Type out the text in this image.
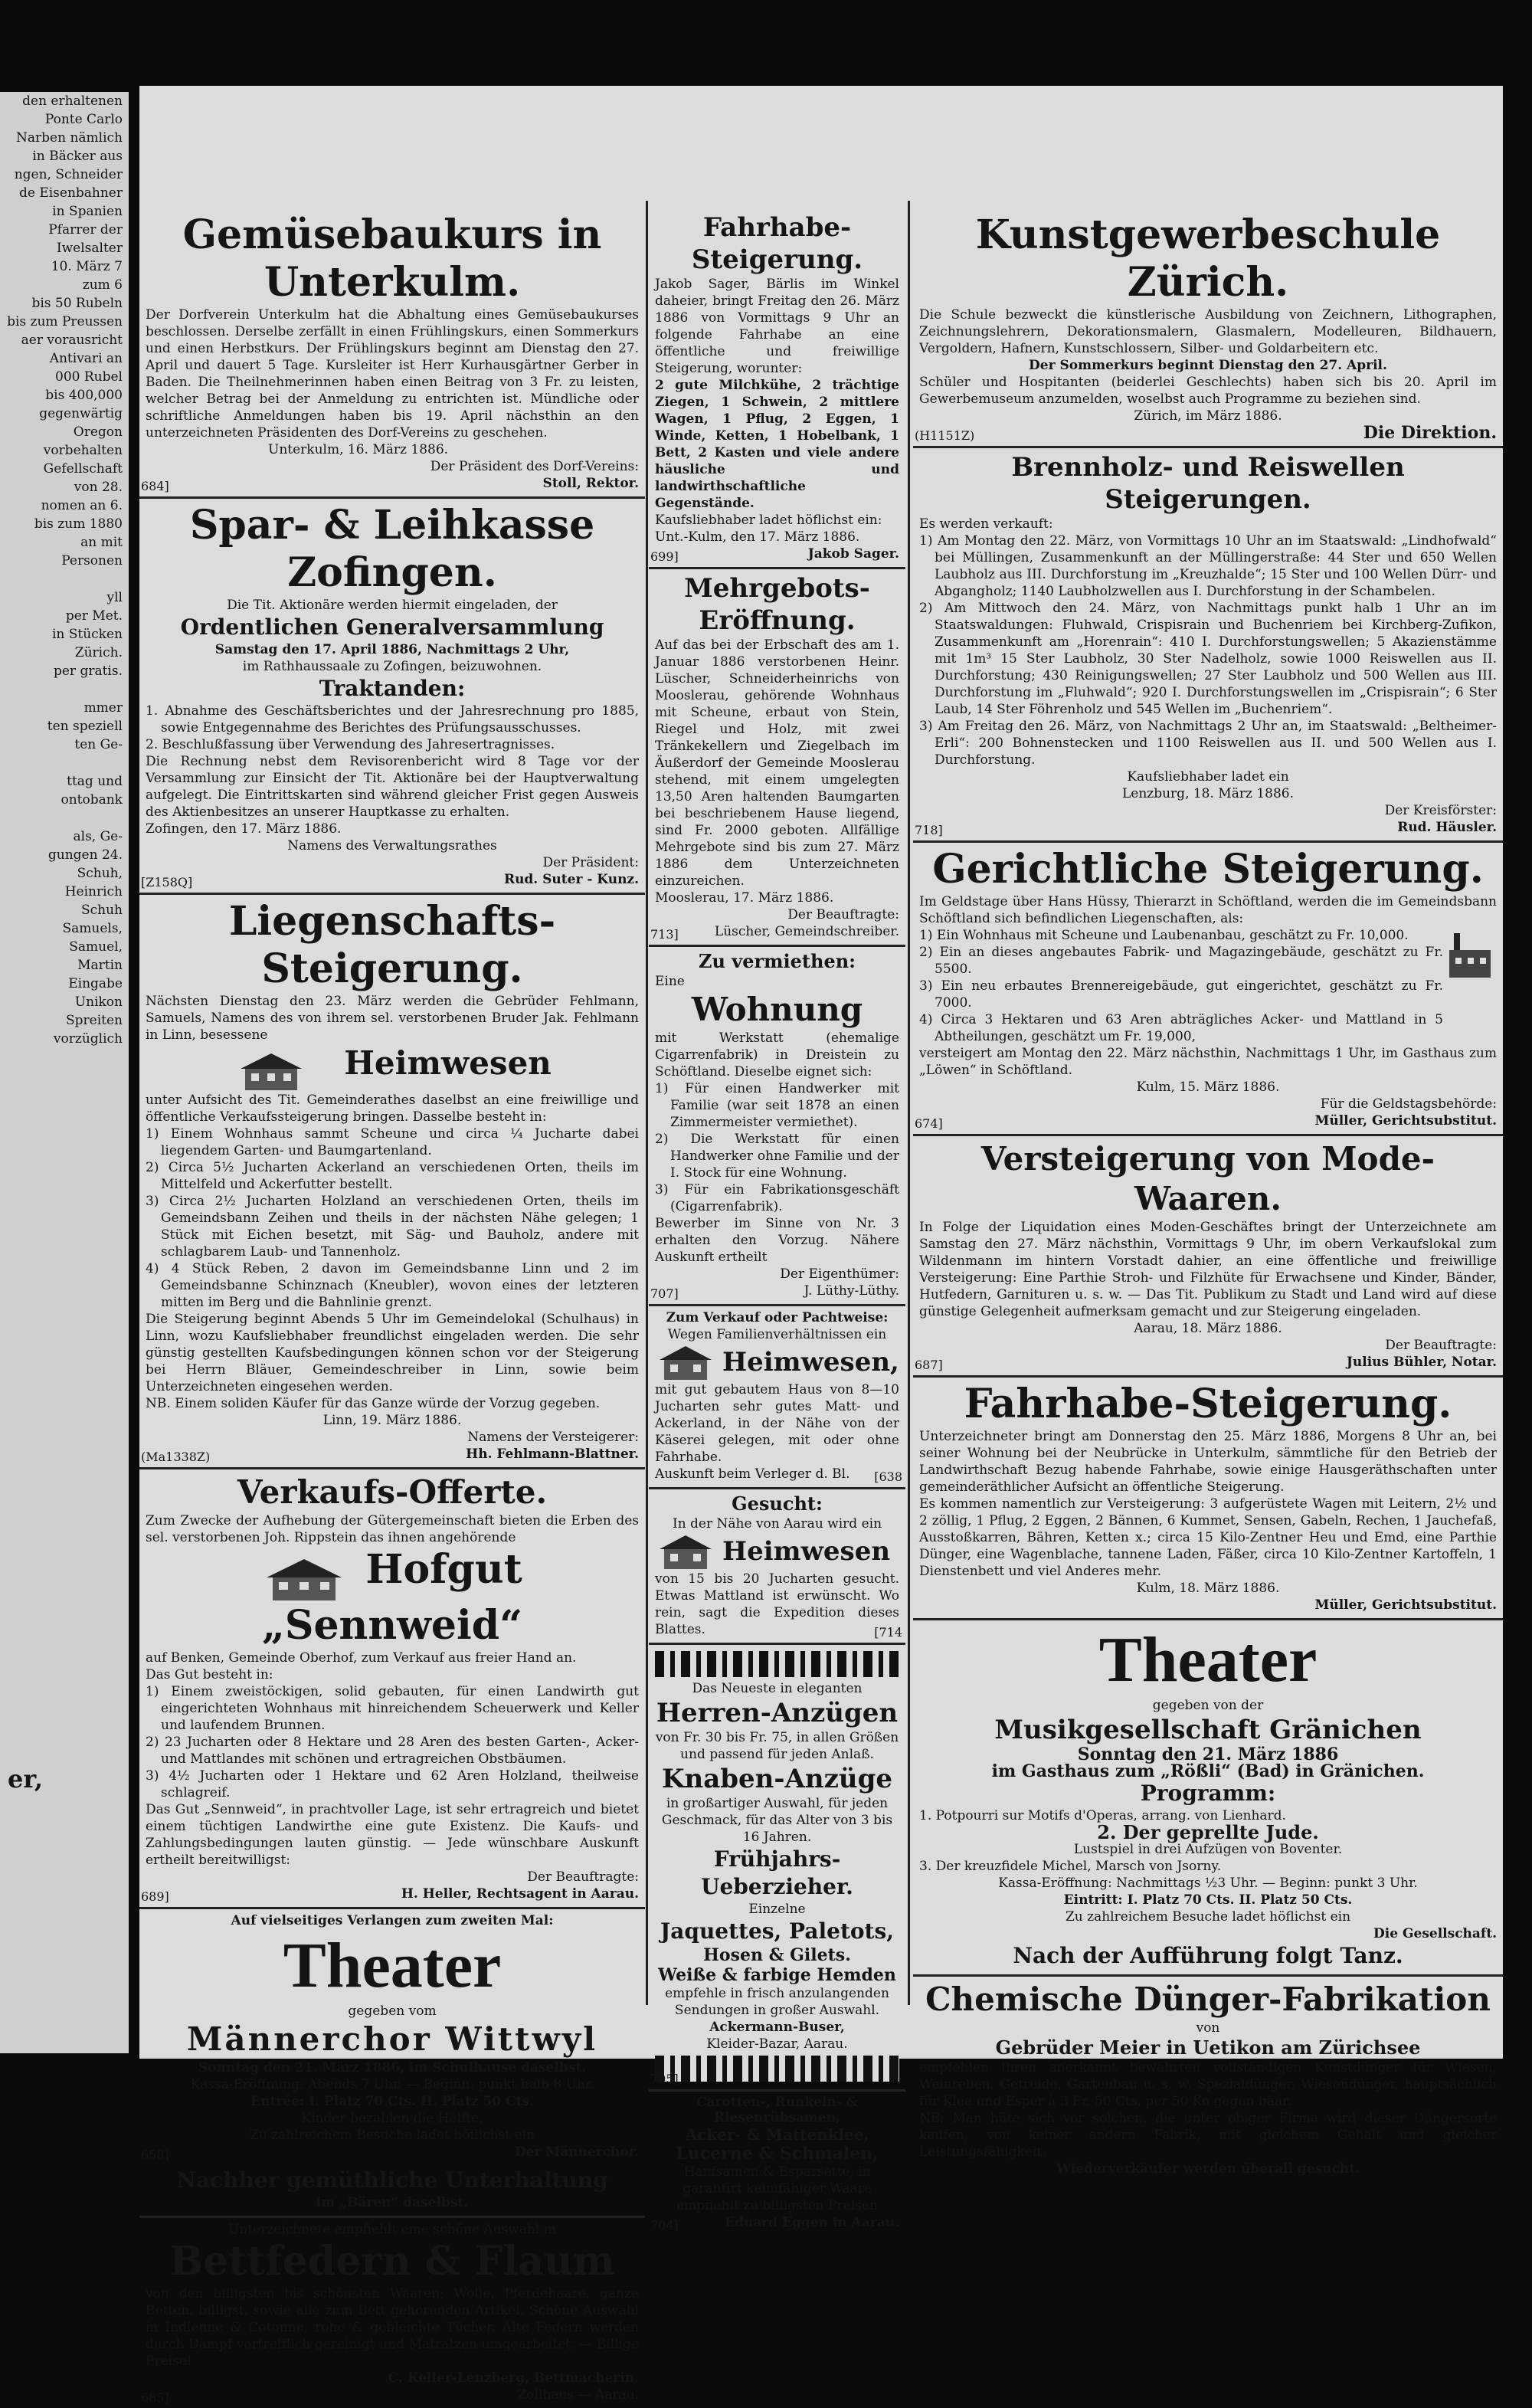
den erhaltenen
Ponte Carlo
Narben nämlich
in Bäcker aus
ngen, Schneider
de Eisenbahner
in Spanien
Pfarrer der
Iwelsalter
10. März 7
zum 6
bis 50 Rubeln
bis zum Preussen
aer vorausricht
Antivari an
000 Rubel
bis 400,000
gegenwärtig
Oregon
vorbehalten
Gefellschaft
von 28.
nomen an 6.
bis zum 1880
an mit
Personen

yll
per Met.
in Stücken
Zürich.
per gratis.

mmer
ten speziell
ten Ge-

ttag und
ontobank

als, Ge-
gungen 24.
Schuh,
Heinrich
Schuh
Samuels,
Samuel,
Martin
Eingabe
Unikon
Spreiten
vorzüglich
er,
Gemüsebaukurs in Unterkulm.
Der Dorfverein Unterkulm hat die Abhaltung eines Gemüsebaukurses beschlossen. Derselbe zerfällt in einen Frühlingskurs, einen Sommerkurs und einen Herbstkurs. Der Frühlingskurs beginnt am Dienstag den 27. April und dauert 5 Tage. Kursleiter ist Herr Kurhausgärtner Gerber in Baden. Die Theilnehmerinnen haben einen Beitrag von 3 Fr. zu leisten, welcher Betrag bei der Anmeldung zu entrichten ist. Mündliche oder schriftliche Anmeldungen haben bis 19. April nächsthin an den unterzeichneten Präsidenten des Dorf-Vereins zu geschehen.
Unterkulm, 16. März 1886.
Der Präsident des Dorf-Vereins:
Stoll, Rektor.
684]
Spar- & Leihkasse Zofingen.
Die Tit. Aktionäre werden hiermit eingeladen, der
Ordentlichen Generalversammlung
Samstag den 17. April 1886, Nachmittags 2 Uhr,
im Rathhaussaale zu Zofingen, beizuwohnen.
Traktanden:
1. Abnahme des Geschäftsberichtes und der Jahresrechnung pro 1885, sowie Entgegennahme des Berichtes des Prüfungsausschusses.
2. Beschlußfassung über Verwendung des Jahresertragnisses.
Die Rechnung nebst dem Revisorenbericht wird 8 Tage vor der Versammlung zur Einsicht der Tit. Aktionäre bei der Hauptverwaltung aufgelegt. Die Eintrittskarten sind während gleicher Frist gegen Ausweis des Aktienbesitzes an unserer Hauptkasse zu erhalten.
Zofingen, den 17. März 1886.
Namens des Verwaltungsrathes
Der Präsident:
Rud. Suter - Kunz.
[Z158Q]
Liegenschafts-Steigerung.
Nächsten Dienstag den 23. März werden die Gebrüder Fehlmann, Samuels, Namens des von ihrem sel. verstorbenen Bruder Jak. Fehlmann in Linn, besessene
Heimwesen
unter Aufsicht des Tit. Gemeinderathes daselbst an eine freiwillige und öffentliche Verkaufssteigerung bringen. Dasselbe besteht in:
1) Einem Wohnhaus sammt Scheune und circa ¼ Jucharte dabei liegendem Garten- und Baumgartenland.
2) Circa 5½ Jucharten Ackerland an verschiedenen Orten, theils im Mittelfeld und Ackerfutter bestellt.
3) Circa 2½ Jucharten Holzland an verschiedenen Orten, theils im Gemeindsbann Zeihen und theils in der nächsten Nähe gelegen; 1 Stück mit Eichen besetzt, mit Säg- und Bauholz, andere mit schlagbarem Laub- und Tannenholz.
4) 4 Stück Reben, 2 davon im Gemeindsbanne Linn und 2 im Gemeindsbanne Schinznach (Kneubler), wovon eines der letzteren mitten im Berg und die Bahnlinie grenzt.
Die Steigerung beginnt Abends 5 Uhr im Gemeindelokal (Schulhaus) in Linn, wozu Kaufsliebhaber freundlichst eingeladen werden. Die sehr günstig gestellten Kaufsbedingungen können schon vor der Steigerung bei Herrn Bläuer, Gemeindeschreiber in Linn, sowie beim Unterzeichneten eingesehen werden.
NB. Einem soliden Käufer für das Ganze würde der Vorzug gegeben.
Linn, 19. März 1886.
Namens der Versteigerer:
Hh. Fehlmann-Blattner.
(Ma1338Z)
Verkaufs-Offerte.
Zum Zwecke der Aufhebung der Gütergemeinschaft bieten die Erben des sel. verstorbenen Joh. Rippstein das ihnen angehörende
Hofgut „Sennweid“
auf Benken, Gemeinde Oberhof, zum Verkauf aus freier Hand an.
Das Gut besteht in:
1) Einem zweistöckigen, solid gebauten, für einen Landwirth gut eingerichteten Wohnhaus mit hinreichendem Scheuerwerk und Keller und laufendem Brunnen.
2) 23 Jucharten oder 8 Hektare und 28 Aren des besten Garten-, Acker- und Mattlandes mit schönen und ertragreichen Obstbäumen.
3) 4½ Jucharten oder 1 Hektare und 62 Aren Holzland, theilweise schlagreif.
Das Gut „Sennweid“, in prachtvoller Lage, ist sehr ertragreich und bietet einem tüchtigen Landwirthe eine gute Existenz. Die Kaufs- und Zahlungsbedingungen lauten günstig. — Jede wünschbare Auskunft ertheilt bereitwilligst:
Der Beauftragte:
H. Heller, Rechtsagent in Aarau.
689]
Auf vielseitiges Verlangen zum zweiten Mal:
Theater
gegeben vom
Männerchor Wittwyl
Sonntag den 21. März 1886, im Schulhause daselbst.
Kassa-Eröffnung: Abends 7 Uhr. — Beginn: punkt halb 8 Uhr.
Entrée: I. Platz 70 Cts. II. Platz 50 Cts.
Kinder bezahlen die Hälfte.
Zu zahlreichem Besuche ladet höflichst ein
Der Männerchor.
658]
Nachher gemüthliche Unterhaltung
im „Bären“ daselbst.
Unterzeichnete empfiehlt eine schöne Auswahl in
Bettfedern & Flaum
von den billigsten bis schönsten Waaren; Wolle, Pferdehaare, ganze Betten, billigst, sowie alle zum Bett gehörenden Artikel. Schöne Auswahl in Indienne & Cotonne, rohe & gebleichte Tücher. Alte Federn werden durch Dampf vortrefflich gereinigt und Matratzen umgearbeitet. — Billige Preise!
C. Keller-Lenzberg, Bettmacherin,
Zollhaus — Aarau.
685]
Fahrhabe-Steigerung.
Jakob Sager, Bärlis im Winkel daheier, bringt Freitag den 26. März 1886 von Vormittags 9 Uhr an folgende Fahrhabe an eine öffentliche und freiwillige Steigerung, worunter:
2 gute Milchkühe, 2 trächtige Ziegen, 1 Schwein, 2 mittlere Wagen, 1 Pflug, 2 Eggen, 1 Winde, Ketten, 1 Hobelbank, 1 Bett, 2 Kasten und viele andere häusliche und landwirthschaftliche Gegenstände.
Kaufsliebhaber ladet höflichst ein:
Unt.-Kulm, den 17. März 1886.
Jakob Sager.
699]
Mehrgebots-Eröffnung.
Auf das bei der Erbschaft des am 1. Januar 1886 verstorbenen Heinr. Lüscher, Schneiderheinrichs von Mooslerau, gehörende Wohnhaus mit Scheune, erbaut von Stein, Riegel und Holz, mit zwei Tränkekellern und Ziegelbach im Äußerdorf der Gemeinde Mooslerau stehend, mit einem umgelegten 13,50 Aren haltenden Baumgarten bei beschriebenem Hause liegend, sind Fr. 2000 geboten. Allfällige Mehrgebote sind bis zum 27. März 1886 dem Unterzeichneten einzureichen.
Mooslerau, 17. März 1886.
Der Beauftragte:
Lüscher, Gemeindschreiber.
713]
Zu vermiethen:
Eine
Wohnung
mit Werkstatt (ehemalige Cigarrenfabrik) in Dreistein zu Schöftland. Dieselbe eignet sich:
1) Für einen Handwerker mit Familie (war seit 1878 an einen Zimmermeister vermiethet).
2) Die Werkstatt für einen Handwerker ohne Familie und der I. Stock für eine Wohnung.
3) Für ein Fabrikationsgeschäft (Cigarrenfabrik).
Bewerber im Sinne von Nr. 3 erhalten den Vorzug. Nähere Auskunft ertheilt
Der Eigenthümer:
J. Lüthy-Lüthy.
707]
Zum Verkauf oder Pachtweise:
Wegen Familienverhältnissen ein
Heimwesen,
mit gut gebautem Haus von 8—10 Jucharten sehr gutes Matt- und Ackerland, in der Nähe von der Käserei gelegen, mit oder ohne Fahrhabe.
Auskunft beim Verleger d. Bl.	[638
Gesucht:
In der Nähe von Aarau wird ein
Heimwesen
von 15 bis 20 Jucharten gesucht. Etwas Mattland ist erwünscht. Wo rein, sagt die Expedition dieses Blattes.	[714
Das Neueste in eleganten
Herren-Anzügen
von Fr. 30 bis Fr. 75, in allen Größen und passend für jeden Anlaß.
Knaben-Anzüge
in großartiger Auswahl, für jeden Geschmack, für das Alter von 3 bis 16 Jahren.
Frühjahrs-Ueberzieher.
Einzelne
Jaquettes, Paletots,
Hosen & Gilets.
Weiße & farbige Hemden
empfehle in frisch anzulangenden Sendungen in großer Auswahl.
Ackermann-Buser,
Kleider-Bazar, Aarau.
705]
Carotten-, Runkeln- & Riesenrübsamen,
Acker- & Mattenklee,
Lucerne & Schmalen,
Hanfsamen & Esparsette, in garantirt keimfähiger Waare empfiehlt zu billigsten Preisen
Eduard Eggen in Aarau.
704]
Kunstgewerbeschule Zürich.
Die Schule bezweckt die künstlerische Ausbildung von Zeichnern, Lithographen, Zeichnungslehrern, Dekorationsmalern, Glasmalern, Modelleuren, Bildhauern, Vergoldern, Hafnern, Kunstschlossern, Silber- und Goldarbeitern etc.
Der Sommerkurs beginnt Dienstag den 27. April.
Schüler und Hospitanten (beiderlei Geschlechts) haben sich bis 20. April im Gewerbemuseum anzumelden, woselbst auch Programme zu beziehen sind.
Zürich, im März 1886.
Die Direktion.
(H1151Z)
Brennholz- und Reiswellen Steigerungen.
Es werden verkauft:
1) Am Montag den 22. März, von Vormittags 10 Uhr an im Staatswald: „Lindhofwald“ bei Müllingen, Zusammenkunft an der Müllingerstraße: 44 Ster und 650 Wellen Laubholz aus III. Durchforstung im „Kreuzhalde“; 15 Ster und 100 Wellen Dürr- und Abgangholz; 1140 Laubholzwellen aus I. Durchforstung in der Schambelen.
2) Am Mittwoch den 24. März, von Nachmittags punkt halb 1 Uhr an im Staatswaldungen: Fluhwald, Crispisrain und Buchenriem bei Kirchberg-Zufikon, Zusammenkunft am „Horenrain“: 410 I. Durchforstungswellen; 5 Akazienstämme mit 1m³ 15 Ster Laubholz, 30 Ster Nadelholz, sowie 1000 Reiswellen aus II. Durchforstung; 430 Reinigungswellen; 27 Ster Laubholz und 500 Wellen aus III. Durchforstung im „Fluhwald“; 920 I. Durchforstungswellen im „Crispisrain“; 6 Ster Laub, 14 Ster Föhrenholz und 545 Wellen im „Buchenriem“.
3) Am Freitag den 26. März, von Nachmittags 2 Uhr an, im Staatswald: „Beltheimer-Erli“: 200 Bohnenstecken und 1100 Reiswellen aus II. und 500 Wellen aus I. Durchforstung.
Kaufsliebhaber ladet ein
Lenzburg, 18. März 1886.
Der Kreisförster:
Rud. Häusler.
718]
Gerichtliche Steigerung.
Im Geldstage über Hans Hüssy, Thierarzt in Schöftland, werden die im Gemeindsbann Schöftland sich befindlichen Liegenschaften, als:
1) Ein Wohnhaus mit Scheune und Laubenanbau, geschätzt zu Fr. 10,000.
2) Ein an dieses angebautes Fabrik- und Magazingebäude, geschätzt zu Fr. 5500.
3) Ein neu erbautes Brennereigebäude, gut eingerichtet, geschätzt zu Fr. 7000.
4) Circa 3 Hektaren und 63 Aren abträgliches Acker- und Mattland in 5 Abtheilungen, geschätzt um Fr. 19,000,
versteigert am Montag den 22. März nächsthin, Nachmittags 1 Uhr, im Gasthaus zum „Löwen“ in Schöftland.
Kulm, 15. März 1886.
Für die Geldstagsbehörde:
Müller, Gerichtsubstitut.
674]
Versteigerung von Mode-Waaren.
In Folge der Liquidation eines Moden-Geschäftes bringt der Unterzeichnete am Samstag den 27. März nächsthin, Vormittags 9 Uhr, im obern Verkaufslokal zum Wildenmann im hintern Vorstadt dahier, an eine öffentliche und freiwillige Versteigerung: Eine Parthie Stroh- und Filzhüte für Erwachsene und Kinder, Bänder, Hutfedern, Garnituren u. s. w. — Das Tit. Publikum zu Stadt und Land wird auf diese günstige Gelegenheit aufmerksam gemacht und zur Steigerung eingeladen.
Aarau, 18. März 1886.
Der Beauftragte:
Julius Bühler, Notar.
687]
Fahrhabe-Steigerung.
Unterzeichneter bringt am Donnerstag den 25. März 1886, Morgens 8 Uhr an, bei seiner Wohnung bei der Neubrücke in Unterkulm, sämmtliche für den Betrieb der Landwirthschaft Bezug habende Fahrhabe, sowie einige Hausgeräthschaften unter gemeinderäthlicher Aufsicht an öffentliche Steigerung.
Es kommen namentlich zur Versteigerung: 3 aufgerüstete Wagen mit Leitern, 2½ und 2 zöllig, 1 Pflug, 2 Eggen, 2 Bännen, 6 Kummet, Sensen, Gabeln, Rechen, 1 Jauchefaß, Ausstoßkarren, Bähren, Ketten x.; circa 15 Kilo-Zentner Heu und Emd, eine Parthie Dünger, eine Wagenblache, tannene Laden, Fäßer, circa 10 Kilo-Zentner Kartoffeln, 1 Dienstenbett und viel Anderes mehr.
Kulm, 18. März 1886.
Müller, Gerichtsubstitut.
Theater
gegeben von der
Musikgesellschaft Gränichen
Sonntag den 21. März 1886
im Gasthaus zum „Rößli“ (Bad) in Gränichen.
Programm:
1. Potpourri sur Motifs d'Operas, arrang. von Lienhard.
2. Der geprellte Jude.
Lustspiel in drei Aufzügen von Boventer.
3. Der kreuzfidele Michel, Marsch von Jsorny.
Kassa-Eröffnung: Nachmittags ½3 Uhr. — Beginn: punkt 3 Uhr.
Eintritt: I. Platz 70 Cts. II. Platz 50 Cts.
Zu zahlreichem Besuche ladet höflichst ein
Die Gesellschaft.
Nach der Aufführung folgt Tanz.
Chemische Dünger-Fabrikation
von
Gebrüder Meier in Uetikon am Zürichsee
empfehlen ihren anerkannt bewährten vollständigen Kunstdünger für Wiesen, Weinreben, Getreide, Gartenbau u. s. w. Spezialdünger, Wiesendünger, hauptsächlich für Klee und Esper à 3 Fr. 50 Cts. per 50 Ko gegen baar.
NB. Man hüte sich vor solchen, die unter obiger Firma wird dieser Düngersorte kaufen, von keiner andern Fabrik, mit gleichem Gehalt und gleicher Leistungsfähigkeit.
Wiederverkäufer werden überall gesucht.
